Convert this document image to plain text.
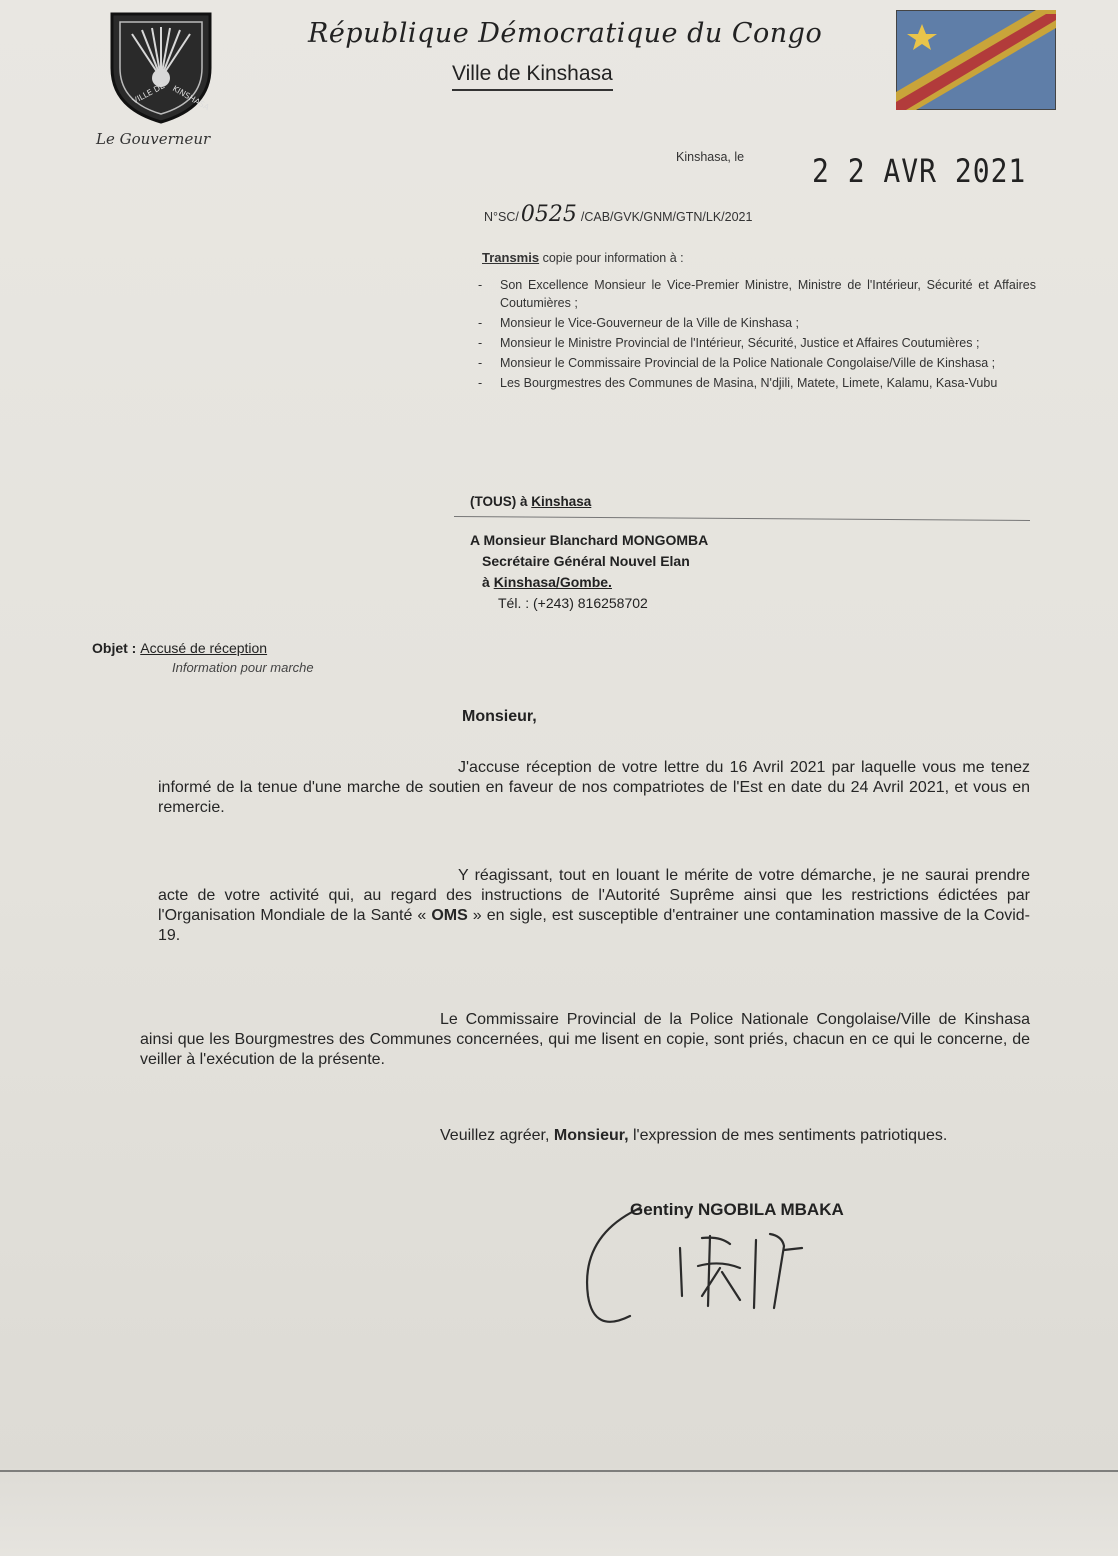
VILLE DE KINSHASA
Le Gouverneur
République Démocratique du Congo
Ville de Kinshasa
Kinshasa, le 2 2 AVR 2021
N°SC/0525 /CAB/GVK/GNM/GTN/LK/2021
Transmis copie pour information à :
- Son Excellence Monsieur le Vice-Premier Ministre, Ministre de l'Intérieur, Sécurité et Affaires Coutumières ;
- Monsieur le Vice-Gouverneur de la Ville de Kinshasa ;
- Monsieur le Ministre Provincial de l'Intérieur, Sécurité, Justice et Affaires Coutumières ;
- Monsieur le Commissaire Provincial de la Police Nationale Congolaise/Ville de Kinshasa ;
- Les Bourgmestres des Communes de Masina, N'djili, Matete, Limete, Kalamu, Kasa-Vubu
(TOUS) à Kinshasa
A Monsieur Blanchard MONGOMBA
Secrétaire Général Nouvel Elan
à Kinshasa/Gombe.
Tél. : (+243) 816258702
Objet : Accusé de réception
Information pour marche
Monsieur,
J'accuse réception de votre lettre du 16 Avril 2021 par laquelle vous me tenez informé de la tenue d'une marche de soutien en faveur de nos compatriotes de l'Est en date du 24 Avril 2021, et vous en remercie.
Y réagissant, tout en louant le mérite de votre démarche, je ne saurai prendre acte de votre activité qui, au regard des instructions de l'Autorité Suprême ainsi que les restrictions édictées par l'Organisation Mondiale de la Santé « OMS » en sigle, est susceptible d'entrainer une contamination massive de la Covid-19.
Le Commissaire Provincial de la Police Nationale Congolaise/Ville de Kinshasa ainsi que les Bourgmestres des Communes concernées, qui me lisent en copie, sont priés, chacun en ce qui le concerne, de veiller à l'exécution de la présente.
Veuillez agréer, Monsieur, l'expression de mes sentiments patriotiques.
Gentiny NGOBILA MBAKA
